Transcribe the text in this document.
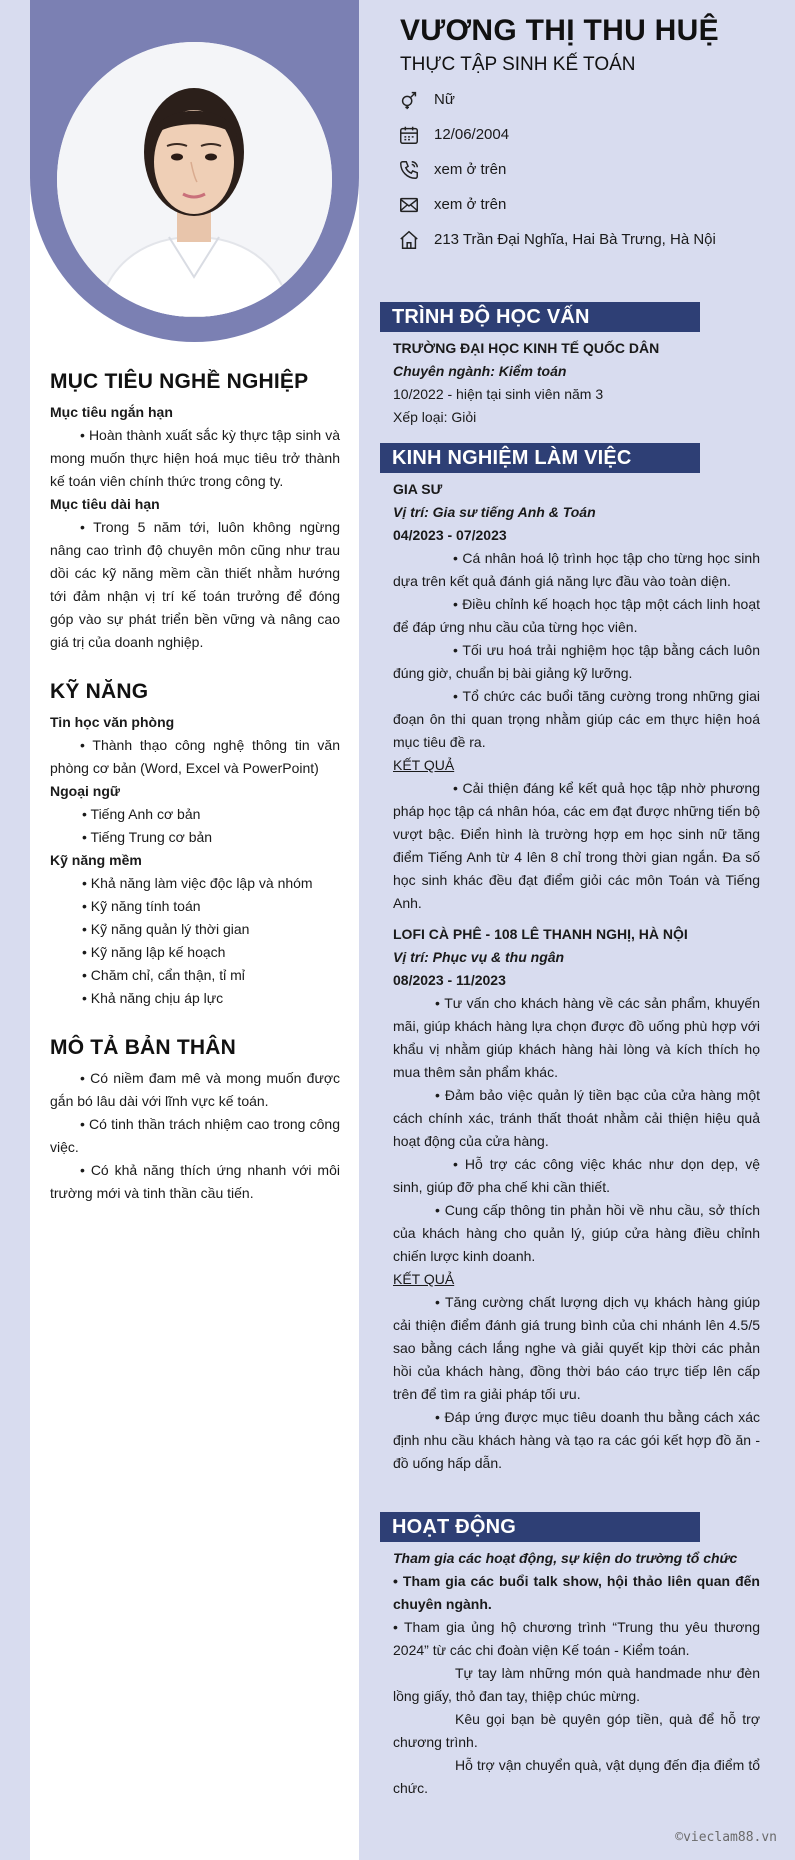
MỤC TIÊU NGHỀ NGHIỆP
Mục tiêu ngắn hạn
• Hoàn thành xuất sắc kỳ thực tập sinh và mong muốn thực hiện hoá mục tiêu trở thành kế toán viên chính thức trong công ty.
Mục tiêu dài hạn
• Trong 5 năm tới, luôn không ngừng nâng cao trình độ chuyên môn cũng như trau dồi các kỹ năng mềm cần thiết nhằm hướng tới đảm nhận vị trí kế toán trưởng để đóng góp vào sự phát triển bền vững và nâng cao giá trị của doanh nghiệp.
KỸ NĂNG
Tin học văn phòng
• Thành thạo công nghệ thông tin văn phòng cơ bản (Word, Excel và PowerPoint)
Ngoại ngữ
• Tiếng Anh cơ bản
• Tiếng Trung cơ bản
Kỹ năng mềm
• Khả năng làm việc độc lập và nhóm
• Kỹ năng tính toán
• Kỹ năng quản lý thời gian
• Kỹ năng lập kế hoạch
• Chăm chỉ, cẩn thận, tỉ mỉ
• Khả năng chịu áp lực
MÔ TẢ BẢN THÂN
• Có niềm đam mê và mong muốn được gắn bó lâu dài với lĩnh vực kế toán.
• Có tinh thần trách nhiệm cao trong công việc.
• Có khả năng thích ứng nhanh với môi trường mới và tinh thần cầu tiến.
VƯƠNG THỊ THU HUỆ
THỰC TẬP SINH KẾ TOÁN
Nữ
12/06/2004
xem ở trên
xem ở trên
213 Trần Đại Nghĩa, Hai Bà Trưng, Hà Nội
TRÌNH ĐỘ HỌC VẤN
TRƯỜNG ĐẠI HỌC KINH TẾ QUỐC DÂN
Chuyên ngành: Kiểm toán
10/2022 - hiện tại sinh viên năm 3
Xếp loại: Giỏi
KINH NGHIỆM LÀM VIỆC
GIA SƯ
Vị trí: Gia sư tiếng Anh & Toán
04/2023 - 07/2023
• Cá nhân hoá lộ trình học tập cho từng học sinh dựa trên kết quả đánh giá năng lực đầu vào toàn diện.
• Điều chỉnh kế hoạch học tập một cách linh hoạt để đáp ứng nhu cầu của từng học viên.
• Tối ưu hoá trải nghiệm học tập bằng cách luôn đúng giờ, chuẩn bị bài giảng kỹ lưỡng.
• Tổ chức các buổi tăng cường trong những giai đoạn ôn thi quan trọng nhằm giúp các em thực hiện hoá mục tiêu đề ra.
KẾT QUẢ
• Cải thiện đáng kể kết quả học tập nhờ phương pháp học tập cá nhân hóa, các em đạt được những tiến bộ vượt bậc. Điển hình là trường hợp em học sinh nữ tăng điểm Tiếng Anh từ 4 lên 8 chỉ trong thời gian ngắn. Đa số học sinh khác đều đạt điểm giỏi các môn Toán và Tiếng Anh.
LOFI CÀ PHÊ - 108 LÊ THANH NGHỊ, HÀ NỘI
Vị trí: Phục vụ & thu ngân
08/2023 - 11/2023
• Tư vấn cho khách hàng về các sản phẩm, khuyến mãi, giúp khách hàng lựa chọn được đồ uống phù hợp với khẩu vị nhằm giúp khách hàng hài lòng và kích thích họ mua thêm sản phẩm khác.
• Đảm bảo việc quản lý tiền bạc của cửa hàng một cách chính xác, tránh thất thoát nhằm cải thiện hiệu quả hoạt động của cửa hàng.
• Hỗ trợ các công việc khác như dọn dẹp, vệ sinh, giúp đỡ pha chế khi cần thiết.
• Cung cấp thông tin phản hồi về nhu cầu, sở thích của khách hàng cho quản lý, giúp cửa hàng điều chỉnh chiến lược kinh doanh.
KẾT QUẢ
• Tăng cường chất lượng dịch vụ khách hàng giúp cải thiện điểm đánh giá trung bình của chi nhánh lên 4.5/5 sao bằng cách lắng nghe và giải quyết kịp thời các phản hồi của khách hàng, đồng thời báo cáo trực tiếp lên cấp trên để tìm ra giải pháp tối ưu.
• Đáp ứng được mục tiêu doanh thu bằng cách xác định nhu cầu khách hàng và tạo ra các gói kết hợp đồ ăn - đồ uống hấp dẫn.
HOẠT ĐỘNG
Tham gia các hoạt động, sự kiện do trường tổ chức
• Tham gia các buổi talk show, hội thảo liên quan đến chuyên ngành.
• Tham gia ủng hộ chương trình “Trung thu yêu thương 2024” từ các chi đoàn viện Kế toán - Kiểm toán.
Tự tay làm những món quà handmade như đèn lồng giấy, thỏ đan tay, thiệp chúc mừng.
Kêu gọi bạn bè quyên góp tiền, quà để hỗ trợ chương trình.
Hỗ trợ vận chuyển quà, vật dụng đến địa điểm tổ chức.
©vieclam88.vn
